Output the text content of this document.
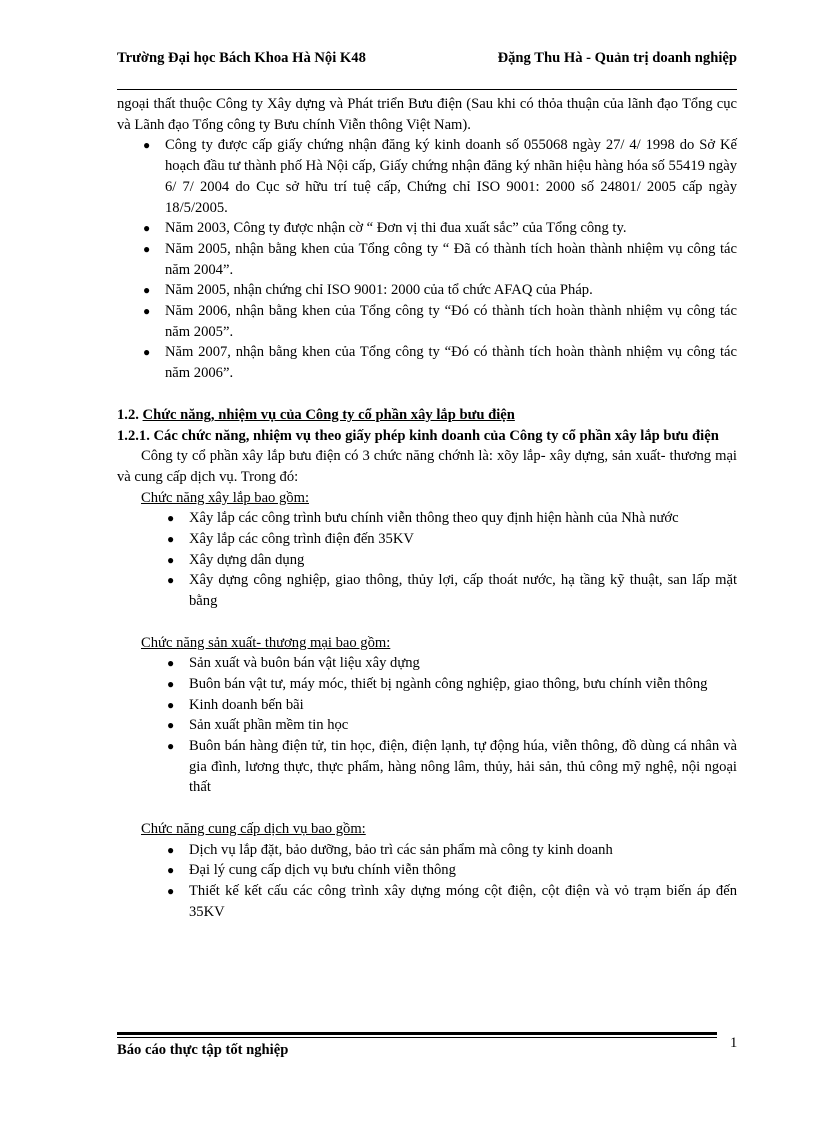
Trường Đại học Bách Khoa Hà Nội K48	Đặng Thu Hà - Quản trị doanh nghiệp

ngoại thất thuộc Công ty Xây dựng và Phát triển Bưu điện (Sau khi có thỏa thuận của lãnh đạo Tổng cục và Lãnh đạo Tổng công ty Bưu chính Viễn thông Việt Nam).

● Công ty được cấp giấy chứng nhận đăng ký kinh doanh số 055068 ngày 27/ 4/ 1998 do Sở Kế hoạch đầu tư thành phố Hà Nội cấp, Giấy chứng nhận đăng ký nhãn hiệu hàng hóa số 55419 ngày 6/ 7/ 2004 do Cục sở hữu trí tuệ cấp, Chứng chỉ ISO 9001: 2000 số 24801/ 2005 cấp ngày 18/5/2005.
● Năm 2003, Công ty được nhận cờ “ Đơn vị thi đua xuất sắc” của Tổng công ty.
● Năm 2005, nhận bằng khen của Tổng công ty “ Đã có thành tích hoàn thành nhiệm vụ công tác năm 2004”.
● Năm 2005, nhận chứng chỉ ISO 9001: 2000 của tổ chức AFAQ của Pháp.
● Năm 2006, nhận bằng khen của Tổng công ty “Đó có thành tích hoàn thành nhiệm vụ công tác năm 2005”.
● Năm 2007, nhận bằng khen của Tổng công ty “Đó có thành tích hoàn thành nhiệm vụ công tác năm 2006”.

1.2. Chức năng, nhiệm vụ của Công ty cổ phần xây lắp bưu điện

1.2.1. Các chức năng, nhiệm vụ theo giấy phép kinh doanh của Công ty cổ phần xây lắp bưu điện

Công ty cổ phần xây lắp bưu điện có 3 chức năng chớnh là: xõy lắp- xây dựng, sản xuất- thương mại và cung cấp dịch vụ. Trong đó:

Chức năng xây lắp bao gồm:

● Xây lắp các công trình bưu chính viễn thông theo quy định hiện hành của Nhà nước
● Xây lắp các công trình điện đến 35KV
● Xây dựng dân dụng
● Xây dựng công nghiệp, giao thông, thủy lợi, cấp thoát nước, hạ tầng kỹ thuật, san lấp mặt bằng

Chức năng sản xuất- thương mại bao gồm:

● Sản xuất và buôn bán vật liệu xây dựng
● Buôn bán vật tư, máy móc, thiết bị ngành công nghiệp, giao thông, bưu chính viễn thông
● Kinh doanh bến bãi
● Sản xuất phần mềm tin học
● Buôn bán hàng điện tử, tin học, điện, điện lạnh, tự động húa, viễn thông, đồ dùng cá nhân và gia đình, lương thực, thực phẩm, hàng nông lâm, thủy, hải sản, thủ công mỹ nghệ, nội ngoại thất

Chức năng cung cấp dịch vụ bao gồm:

● Dịch vụ lắp đặt, bảo dưỡng, bảo trì các sản phẩm mà công ty kinh doanh
● Đại lý cung cấp dịch vụ bưu chính viễn thông
● Thiết kế kết cấu các công trình xây dựng móng cột điện, cột điện và vỏ trạm biến áp đến 35KV
Báo cáo thực tập tốt nghiệp	1
